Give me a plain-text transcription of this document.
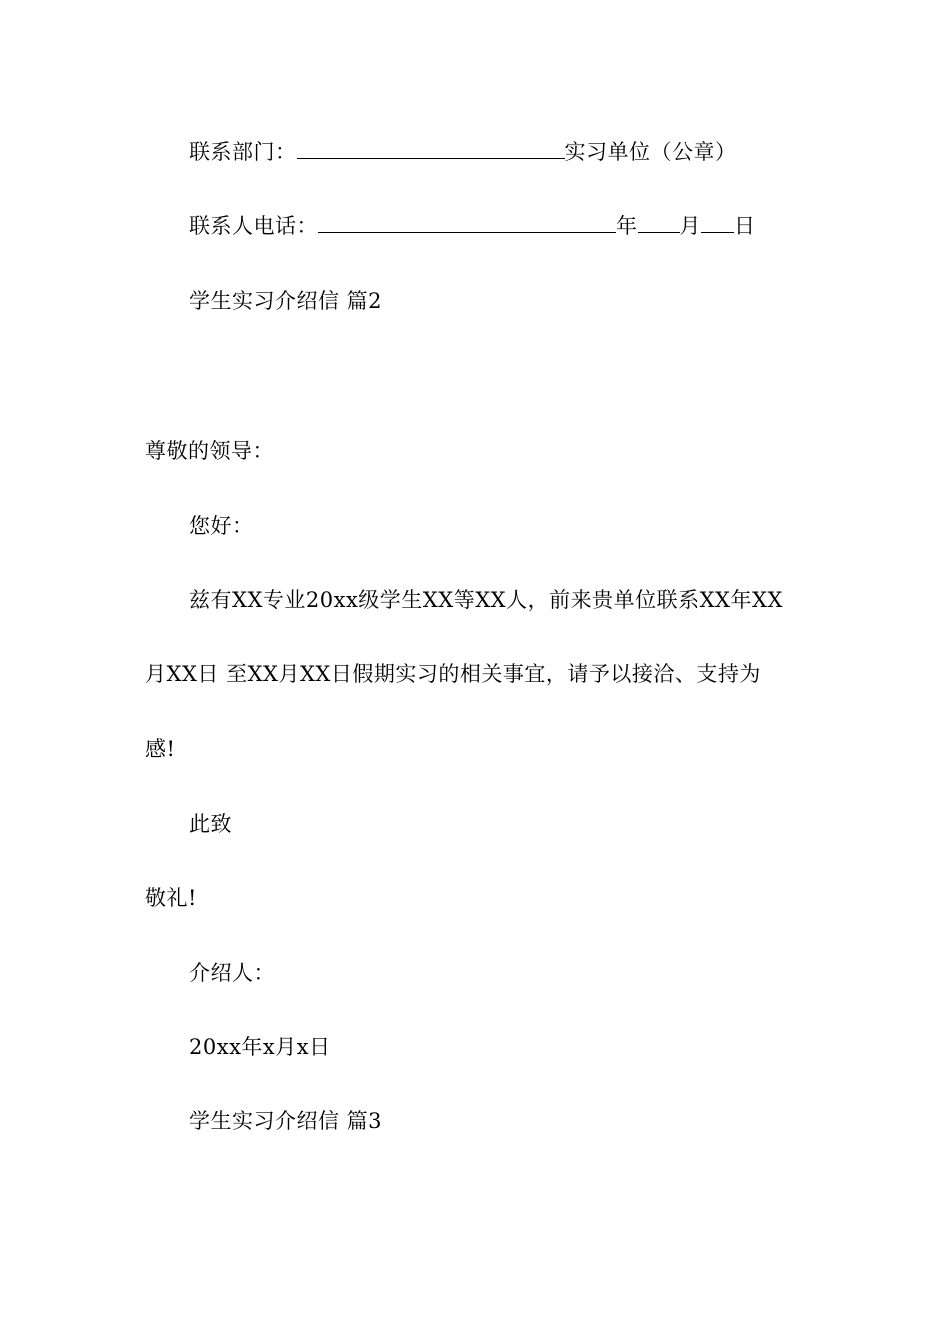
联系部门：	实习单位（公章）
联系人电话：	年 月 日
学生实习介绍信 篇2
尊敬的领导：
您好：
兹有XX专业20xx级学生XX等XX人，前来贵单位联系XX年XX
月XX日 至XX月XX日假期实习的相关事宜，请予以接洽、支持为
感!
此致
敬礼!
介绍人：
20xx年x月x日
学生实习介绍信 篇3
